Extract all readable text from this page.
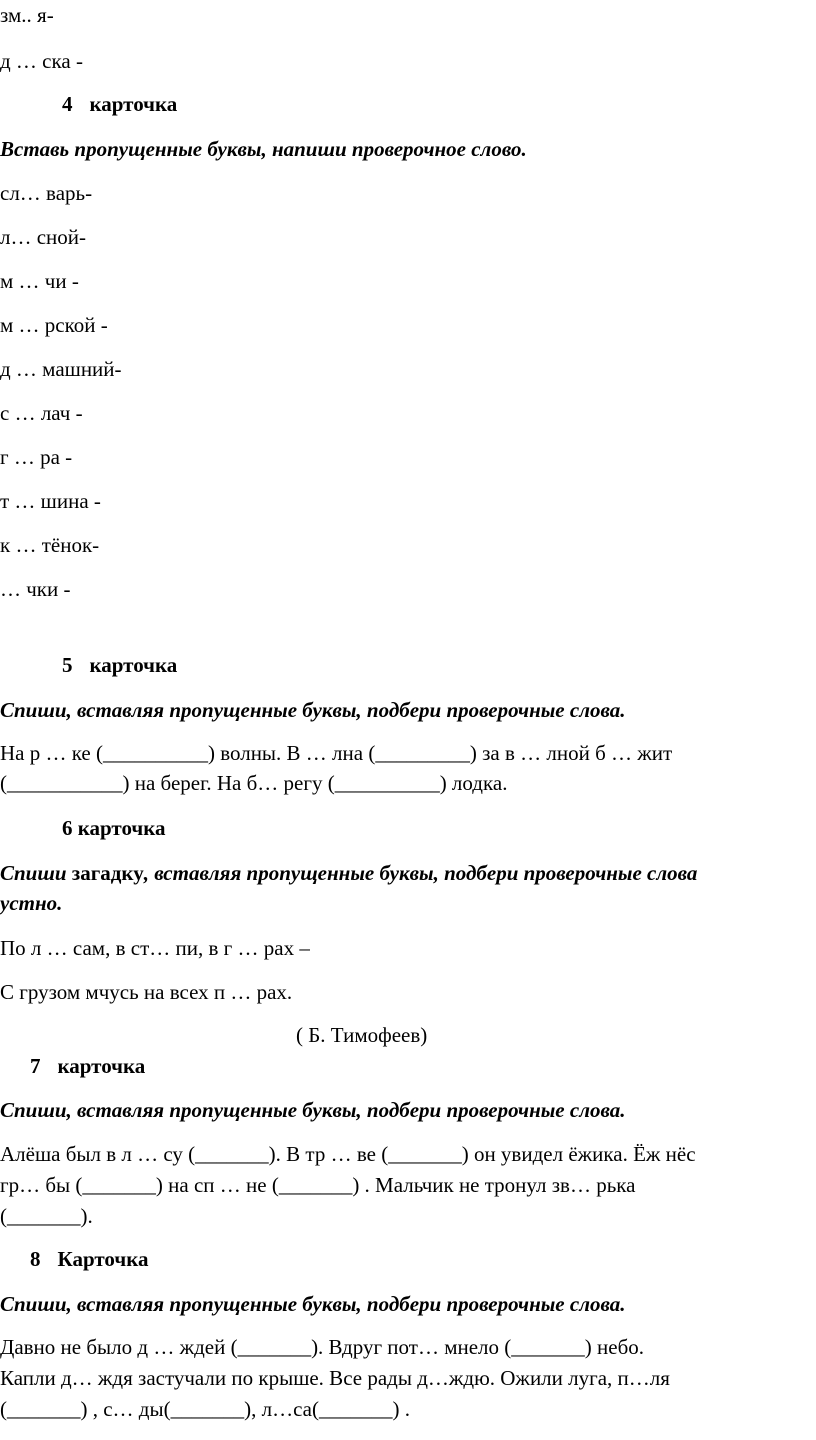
зм.. я-
д … ска -
4 карточка
Вставь пропущенные буквы, напиши проверочное слово.
сл… варь-
л… сной-
м … чи -
м … рской -
д … машний-
с … лач -
г … ра -
т … шина -
к … тёнок-
… чки -
5 карточка
Спиши, вставляя пропущенные буквы, подбери проверочные слова.
На р … ке (__________) волны. В … лна (_________) за в … лной б … жит
(___________) на берег. На б… регу (__________) лодка.
6 карточка
Спиши загадку, вставляя пропущенные буквы, подбери проверочные слова
устно.
По л … сам, в ст… пи, в г … рах –
С грузом мчусь на всех п … рах.
( Б. Тимофеев)
7 карточка
Спиши, вставляя пропущенные буквы, подбери проверочные слова.
Алёша был в л … су (_______). В тр … ве (_______) он увидел ёжика. Ёж нёс
гр… бы (_______) на сп … не (_______) . Мальчик не тронул зв… рька
(_______).
8 Карточка
Спиши, вставляя пропущенные буквы, подбери проверочные слова.
Давно не было д … ждей (_______). Вдруг пот… мнело (_______) небо.
Капли д… ждя застучали по крыше. Все рады д…ждю. Ожили луга, п…ля
(_______) , с… ды(_______), л…са(_______) .
